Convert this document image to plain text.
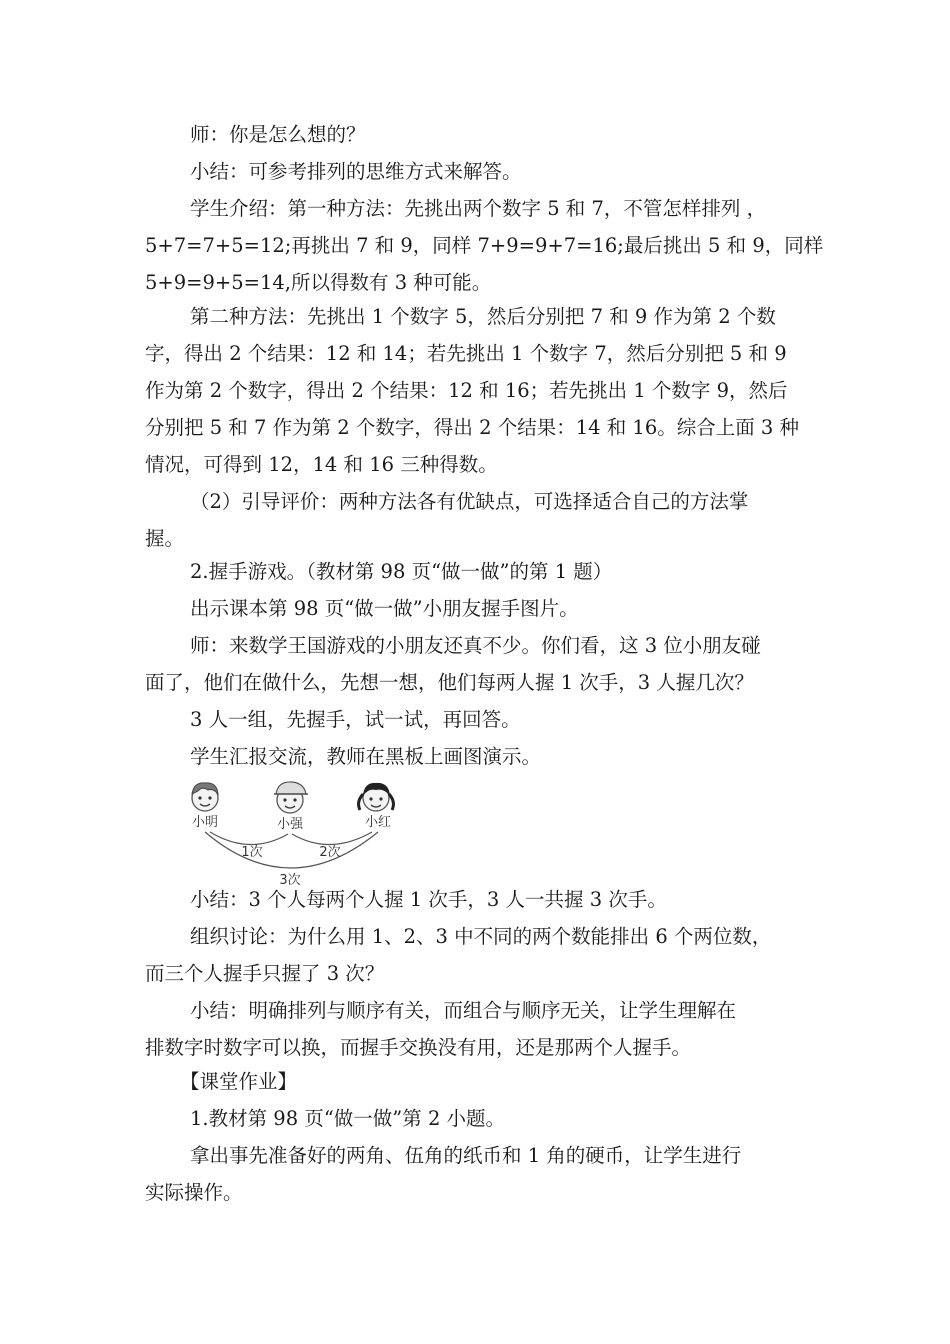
师：你是怎么想的？
小结：可参考排列的思维方式来解答。
学生介绍：第一种方法：先挑出两个数字 5 和 7，不管怎样排列 ，
5+7=7+5=12;再挑出 7 和 9，同样 7+9=9+7=16;最后挑出 5 和 9，同样
5+9=9+5=14,所以得数有 3 种可能。
第二种方法：先挑出 1 个数字 5，然后分别把 7 和 9 作为第 2 个数
字，得出 2 个结果：12 和 14；若先挑出 1 个数字 7，然后分别把 5 和 9
作为第 2 个数字，得出 2 个结果：12 和 16；若先挑出 1 个数字 9，然后
分别把 5 和 7 作为第 2 个数字，得出 2 个结果：14 和 16。综合上面 3 种
情况，可得到 12，14 和 16 三种得数。
（2）引导评价：两种方法各有优缺点，可选择适合自己的方法掌
握。
2.握手游戏。（教材第 98 页“做一做”的第 1 题）
出示课本第 98 页“做一做”小朋友握手图片。
师：来数学王国游戏的小朋友还真不少。你们看，这 3 位小朋友碰
面了，他们在做什么，先想一想，他们每两人握 1 次手，3 人握几次？
3 人一组，先握手，试一试，再回答。
学生汇报交流，教师在黑板上画图演示。
小明	小强	小红
1次	2次
3次
小结：3 个人每两个人握 1 次手，3 人一共握 3 次手。
组织讨论：为什么用 1、2、3 中不同的两个数能排出 6 个两位数，
而三个人握手只握了 3 次？
小结：明确排列与顺序有关，而组合与顺序无关，让学生理解在
排数字时数字可以换，而握手交换没有用，还是那两个人握手。
【课堂作业】
1.教材第 98 页“做一做”第 2 小题。
拿出事先准备好的两角、伍角的纸币和 1 角的硬币，让学生进行
实际操作。
